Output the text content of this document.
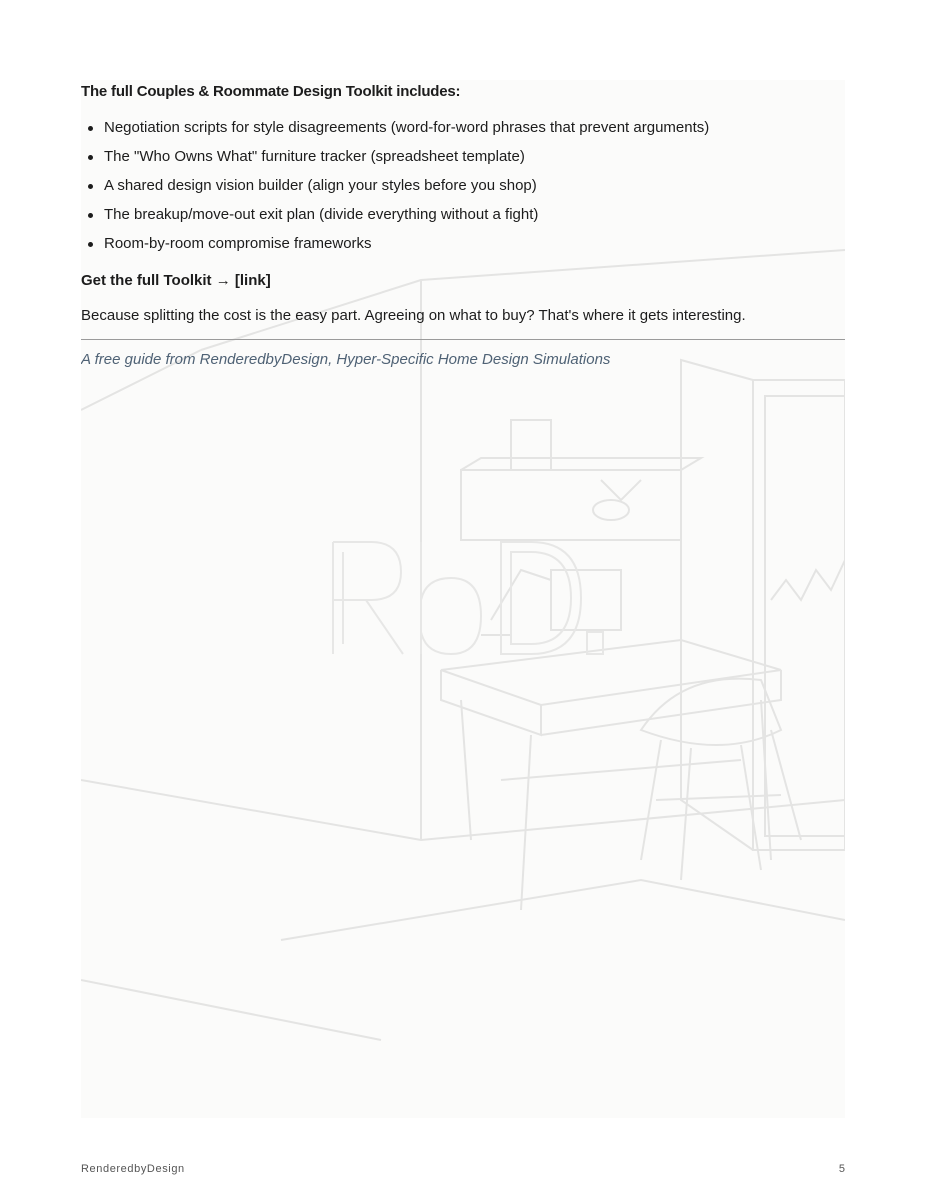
The full Couples & Roommate Design Toolkit includes:
Negotiation scripts for style disagreements (word-for-word phrases that prevent arguments)
The "Who Owns What" furniture tracker (spreadsheet template)
A shared design vision builder (align your styles before you shop)
The breakup/move-out exit plan (divide everything without a fight)
Room-by-room compromise frameworks
Get the full Toolkit → [link]
Because splitting the cost is the easy part. Agreeing on what to buy? That's where it gets interesting.
A free guide from RenderedbyDesign, Hyper-Specific Home Design Simulations
RenderedbyDesign	5
